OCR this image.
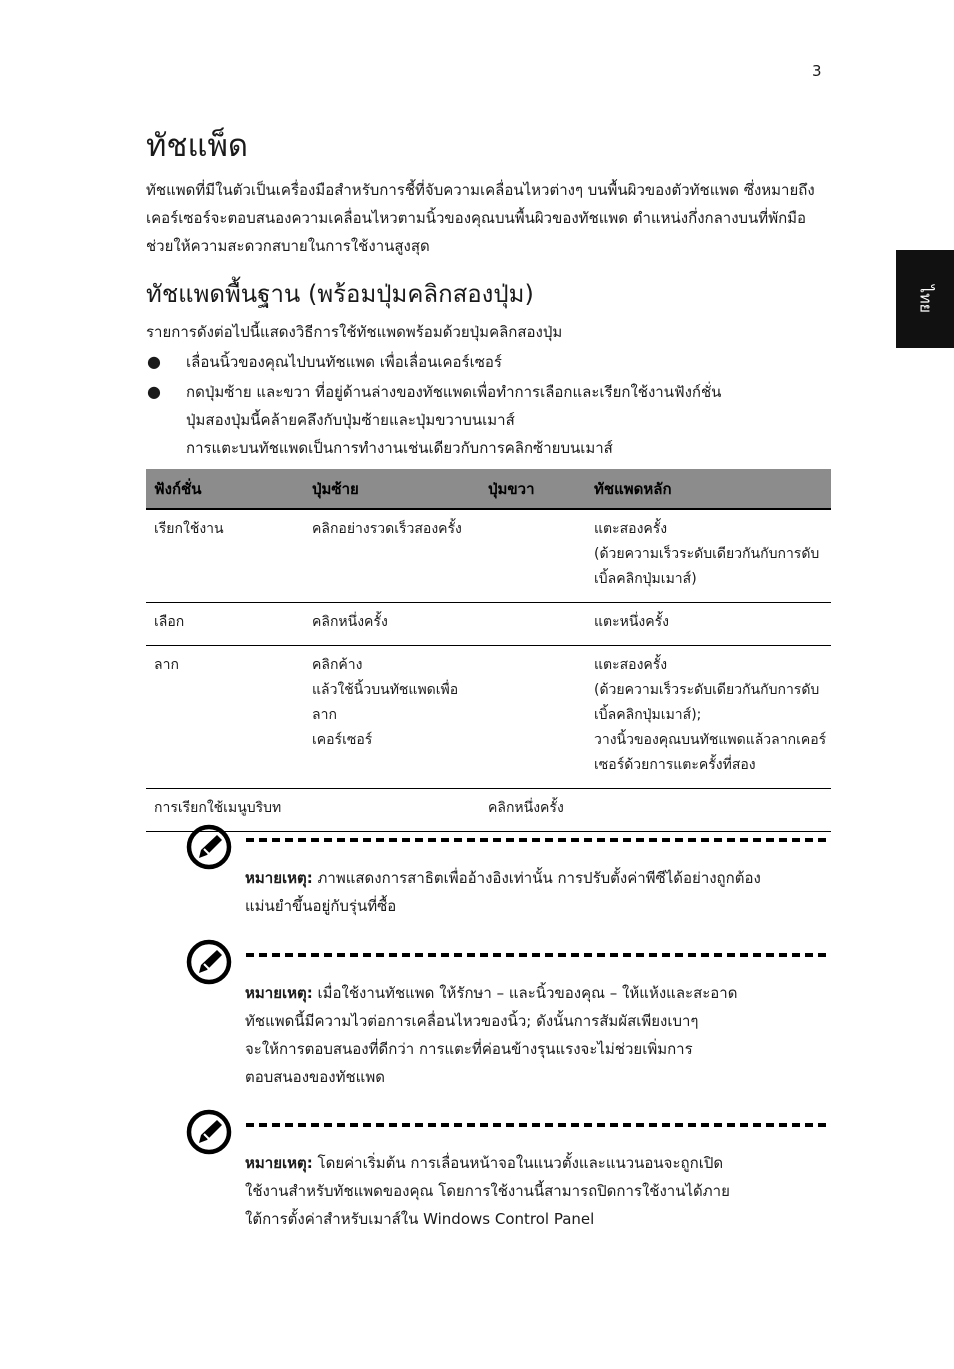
3
ไทย
ทัชแพ็ด

ทัชแพดที่มีในตัวเป็นเครื่องมือสำหรับการชี้ที่จับความเคลื่อนไหวต่างๆ บนพื้นผิวของตัวทัชแพด ซึ่งหมายถึง
เคอร์เซอร์จะตอบสนองความเคลื่อนไหวตามนิ้วของคุณบนพื้นผิวของทัชแพด ตำแหน่งกึ่งกลางบนที่พักมือ
ช่วยให้ความสะดวกสบายในการใช้งานสูงสุด

ทัชแพดพื้นฐาน (พร้อมปุ่มคลิกสองปุ่ม)

รายการดังต่อไปนี้แสดงวิธีการใช้ทัชแพดพร้อมด้วยปุ่มคลิกสองปุ่ม

● เลื่อนนิ้วของคุณไปบนทัชแพด เพื่อเลื่อนเคอร์เซอร์
● กดปุ่มซ้าย และขวา ที่อยู่ด้านล่างของทัชแพดเพื่อทำการเลือกและเรียกใช้งานฟังก์ชั่น
ปุ่มสองปุ่มนี้คล้ายคลึงกับปุ่มซ้ายและปุ่มขวาบนเมาส์
การแตะบนทัชแพดเป็นการทำงานเช่นเดียวกับการคลิกซ้ายบนเมาส์
ฟังก์ชั่น	ปุ่มซ้าย	ปุ่มขวา	ทัชแพดหลัก

เรียกใช้งาน	คลิกอย่างรวดเร็วสองครั้ง		แตะสองครั้ง
(ด้วยความเร็วระดับเดียวกันกับการดับ
เบิ้ลคลิกปุ่มเมาส์)

เลือก	คลิกหนึ่งครั้ง		แตะหนึ่งครั้ง

ลาก	คลิกค้าง
แล้วใช้นิ้วบนทัชแพดเพื่อลาก
เคอร์เซอร์		แตะสองครั้ง
(ด้วยความเร็วระดับเดียวกันกับการดับ
เบิ้ลคลิกปุ่มเมาส์);
วางนิ้วของคุณบนทัชแพดแล้วลากเคอร์
เซอร์ด้วยการแตะครั้งที่สอง

การเรียกใช้เมนูบริบท		คลิกหนึ่งครั้ง	

หมายเหตุ: ภาพแสดงการสาธิตเพื่ออ้างอิงเท่านั้น การปรับตั้งค่าพีซีได้อย่างถูกต้อง
แม่นยำขึ้นอยู่กับรุ่นที่ซื้อ
หมายเหตุ: เมื่อใช้งานทัชแพด ให้รักษา – และนิ้วของคุณ – ให้แห้งและสะอาด
ทัชแพดนี้มีความไวต่อการเคลื่อนไหวของนิ้ว; ดังนั้นการสัมผัสเพียงเบาๆ
จะให้การตอบสนองที่ดีกว่า การแตะที่ค่อนข้างรุนแรงจะไม่ช่วยเพิ่มการ
ตอบสนองของทัชแพด
หมายเหตุ: โดยค่าเริ่มต้น การเลื่อนหน้าจอในแนวตั้งและแนวนอนจะถูกเปิด
ใช้งานสำหรับทัชแพดของคุณ โดยการใช้งานนี้สามารถปิดการใช้งานได้ภาย
ใต้การตั้งค่าสำหรับเมาส์ใน Windows Control Panel
